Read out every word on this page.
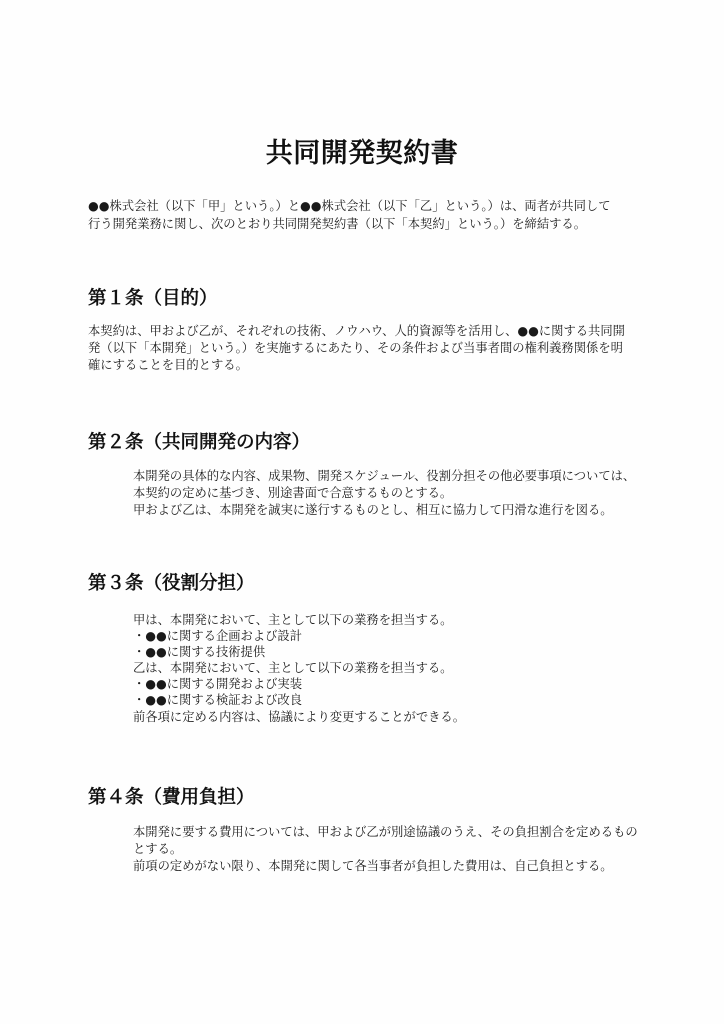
共同開発契約書
●●株式会社（以下「甲」という。）と●●株式会社（以下「乙」という。）は、両者が共同して
行う開発業務に関し、次のとおり共同開発契約書（以下「本契約」という。）を締結する。
第１条（目的）
本契約は、甲および乙が、それぞれの技術、ノウハウ、人的資源等を活用し、●●に関する共同開
発（以下「本開発」という。）を実施するにあたり、その条件および当事者間の権利義務関係を明
確にすることを目的とする。
第２条（共同開発の内容）
本開発の具体的な内容、成果物、開発スケジュール、役割分担その他必要事項については、
本契約の定めに基づき、別途書面で合意するものとする。
甲および乙は、本開発を誠実に遂行するものとし、相互に協力して円滑な進行を図る。
第３条（役割分担）
甲は、本開発において、主として以下の業務を担当する。
・●●に関する企画および設計
・●●に関する技術提供
乙は、本開発において、主として以下の業務を担当する。
・●●に関する開発および実装
・●●に関する検証および改良
前各項に定める内容は、協議により変更することができる。
第４条（費用負担）
本開発に要する費用については、甲および乙が別途協議のうえ、その負担割合を定めるもの
とする。
前項の定めがない限り、本開発に関して各当事者が負担した費用は、自己負担とする。
